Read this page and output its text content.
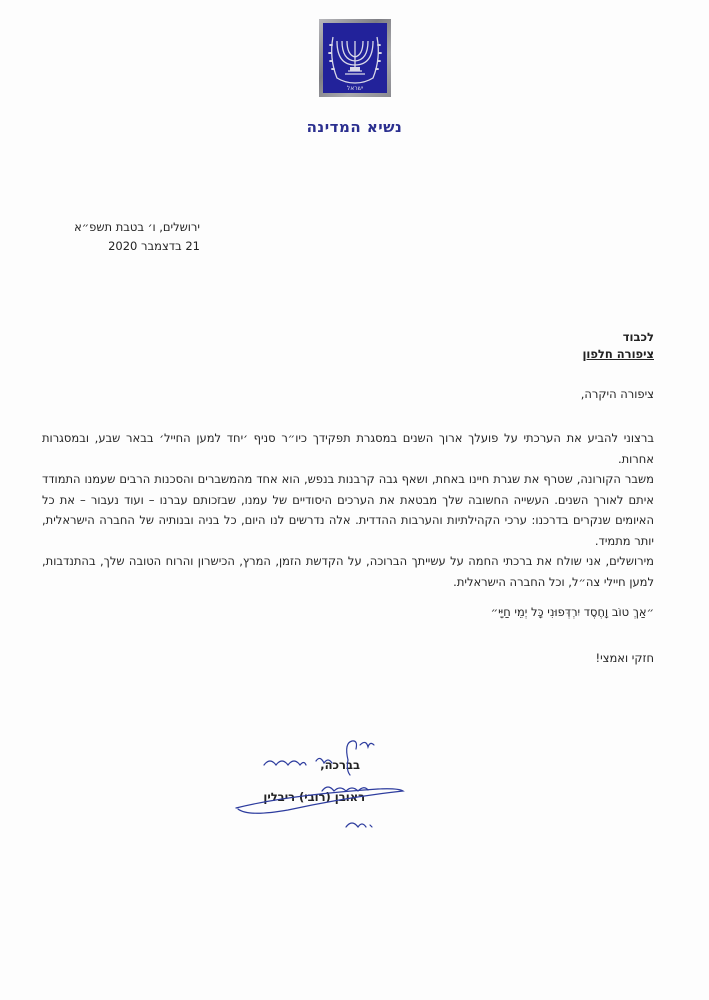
ישראל
נשיא המדינה
ירושלים, ו׳ בטבת תשפ״א
21 בדצמבר 2020
לכבוד
ציפורה חלפון
ציפורה היקרה,

ברצוני להביע את הערכתי על פועלך ארוך השנים במסגרת תפקידך כיו״ר סניף ׳יחד למען החייל׳ בבאר שבע, ובמסגרות אחרות.

משבר הקורונה, שטרף את שגרת חיינו באחת, ושאף גבה קרבנות בנפש, הוא אחד מהמשברים והסכנות הרבים שעמנו התמודד איתם לאורך השנים. העשייה החשובה שלך מבטאת את הערכים היסודיים של עמנו, שבזכותם עברנו – ועוד נעבור – את כל האיומים שנקרים בדרכנו: ערכי הקהילתיות והערבות ההדדית. אלה נדרשים לנו היום, כל בניה ובנותיה של החברה הישראלית, יותר מתמיד.

מירושלים, אני שולח את ברכתי החמה על עשייתך הברוכה, על הקדשת הזמן, המרץ, הכישרון והרוח הטובה שלך, בהתנדבות, למען חיילי צה״ל, וכל החברה הישראלית.

״אַךְ טוֹב וָחֶסֶד יִרְדְּפוּנִי כָּל יְמֵי חַיָּי״
חזקי ואמצי!
בברכה,
ראובן (רובי) ריבלין
